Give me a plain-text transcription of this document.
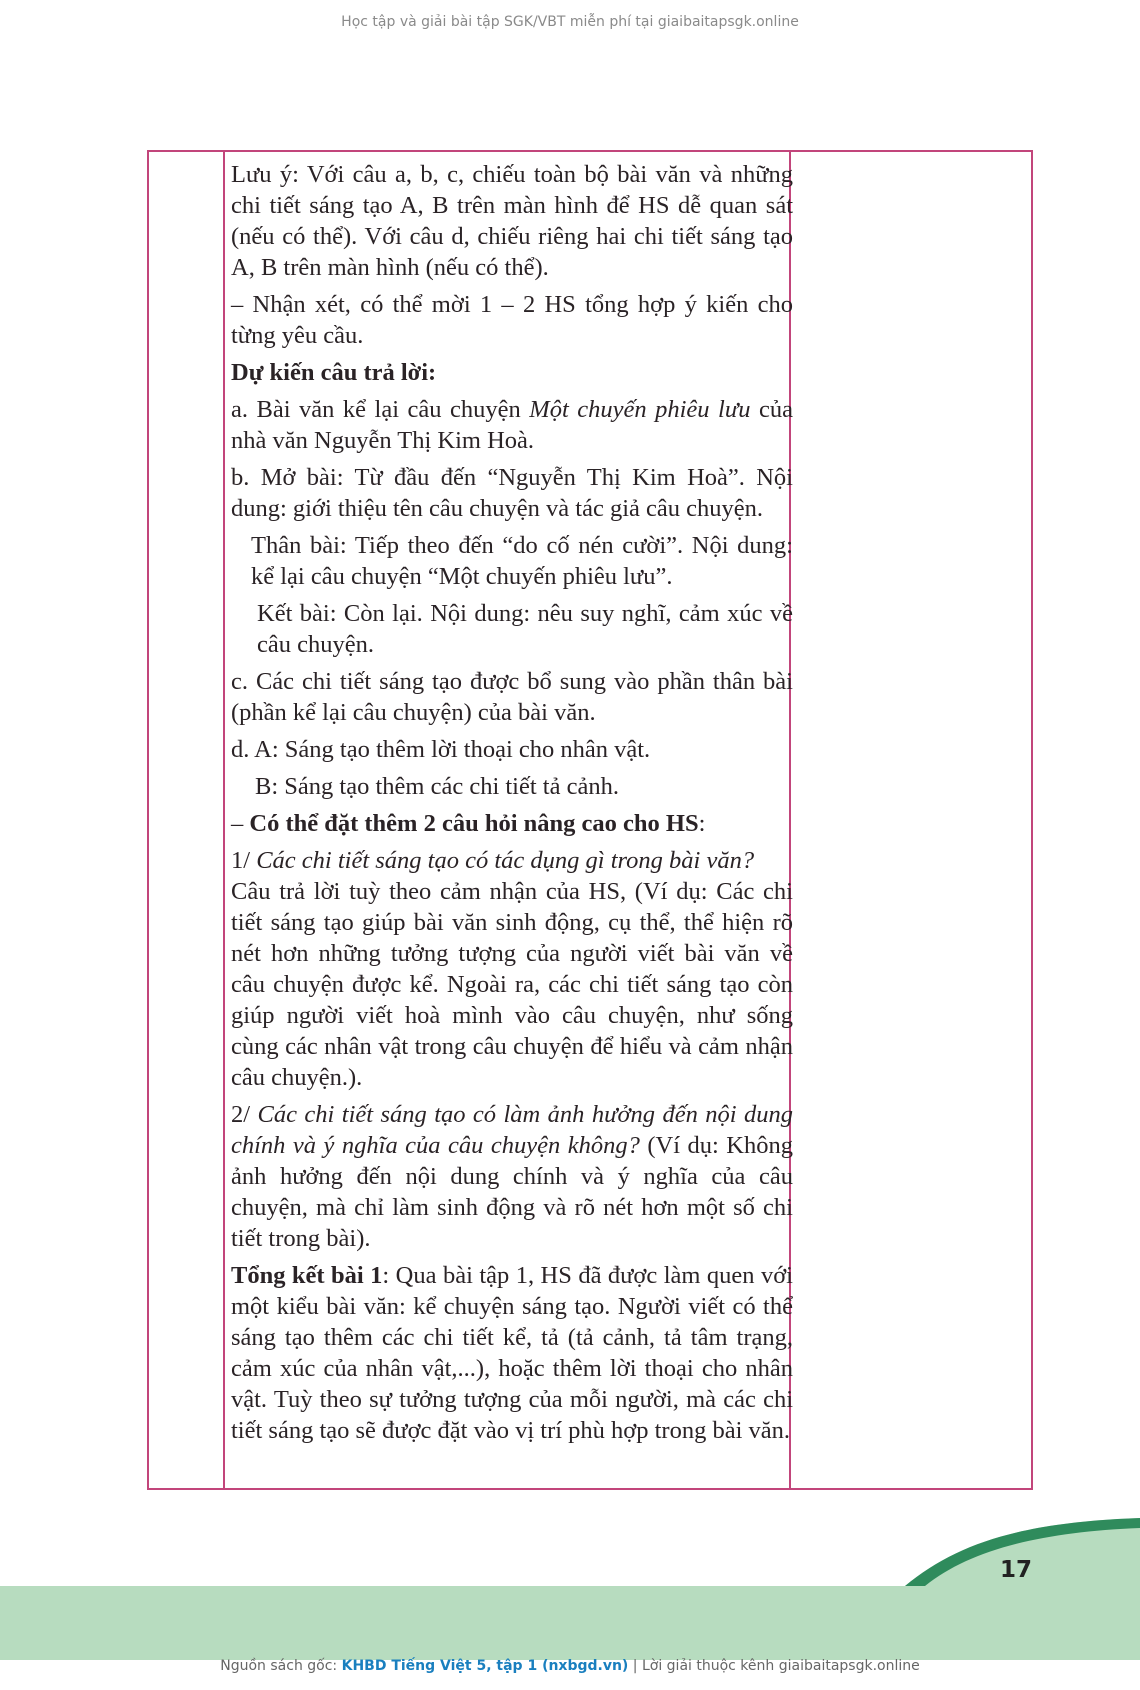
Học tập và giải bài tập SGK/VBT miễn phí tại giaibaitapsgk.online

Lưu ý: Với câu a, b, c, chiếu toàn bộ bài văn và những chi tiết sáng tạo A, B trên màn hình để HS dễ quan sát (nếu có thể). Với câu d, chiếu riêng hai chi tiết sáng tạo A, B trên màn hình (nếu có thể).

– Nhận xét, có thể mời 1 – 2 HS tổng hợp ý kiến cho từng yêu cầu.

Dự kiến câu trả lời:

a. Bài văn kể lại câu chuyện Một chuyến phiêu lưu của nhà văn Nguyễn Thị Kim Hoà.

b. Mở bài: Từ đầu đến “Nguyễn Thị Kim Hoà”. Nội dung: giới thiệu tên câu chuyện và tác giả câu chuyện.

Thân bài: Tiếp theo đến “do cố nén cười”. Nội dung: kể lại câu chuyện “Một chuyến phiêu lưu”.

Kết bài: Còn lại. Nội dung: nêu suy nghĩ, cảm xúc về câu chuyện.

c. Các chi tiết sáng tạo được bổ sung vào phần thân bài (phần kể lại câu chuyện) của bài văn.

d. A: Sáng tạo thêm lời thoại cho nhân vật.

B: Sáng tạo thêm các chi tiết tả cảnh.

– Có thể đặt thêm 2 câu hỏi nâng cao cho HS:

1/ Các chi tiết sáng tạo có tác dụng gì trong bài văn?
Câu trả lời tuỳ theo cảm nhận của HS, (Ví dụ: Các chi tiết sáng tạo giúp bài văn sinh động, cụ thể, thể hiện rõ nét hơn những tưởng tượng của người viết bài văn về câu chuyện được kể. Ngoài ra, các chi tiết sáng tạo còn giúp người viết hoà mình vào câu chuyện, như sống cùng các nhân vật trong câu chuyện để hiểu và cảm nhận câu chuyện.).

2/ Các chi tiết sáng tạo có làm ảnh hưởng đến nội dung chính và ý nghĩa của câu chuyện không? (Ví dụ: Không ảnh hưởng đến nội dung chính và ý nghĩa của câu chuyện, mà chỉ làm sinh động và rõ nét hơn một số chi tiết trong bài).

Tổng kết bài 1: Qua bài tập 1, HS đã được làm quen với một kiểu bài văn: kể chuyện sáng tạo. Người viết có thể sáng tạo thêm các chi tiết kể, tả (tả cảnh, tả tâm trạng, cảm xúc của nhân vật,...), hoặc thêm lời thoại cho nhân vật. Tuỳ theo sự tưởng tượng của mỗi người, mà các chi tiết sáng tạo sẽ được đặt vào vị trí phù hợp trong bài văn.

17
Nguồn sách gốc: KHBD Tiếng Việt 5, tập 1 (nxbgd.vn) | Lời giải thuộc kênh giaibaitapsgk.online
